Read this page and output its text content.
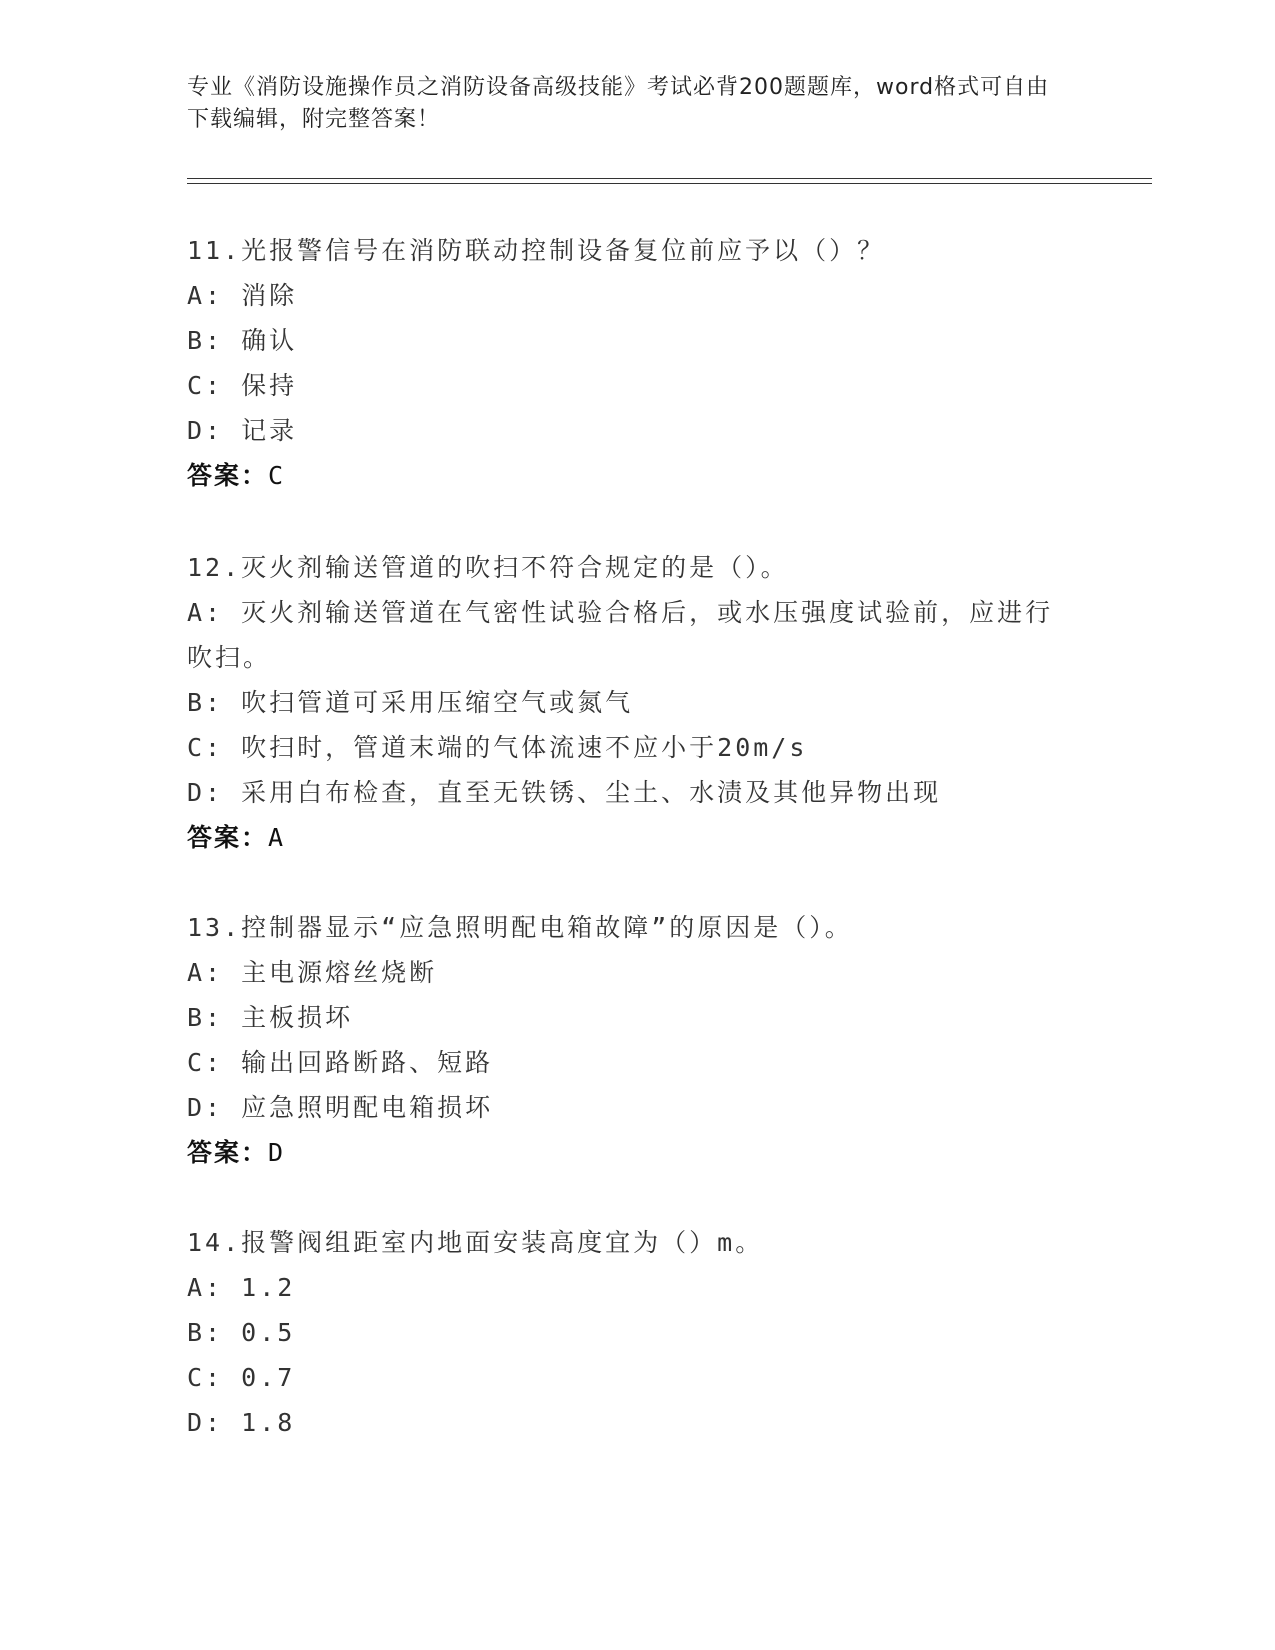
专业《消防设施操作员之消防设备高级技能》考试必背200题题库，word格式可自由下载编辑，附完整答案！
11.光报警信号在消防联动控制设备复位前应予以（）？
A: 消除
B: 确认
C: 保持
D: 记录
答案：C
12.灭火剂输送管道的吹扫不符合规定的是（）。
A: 灭火剂输送管道在气密性试验合格后，或水压强度试验前，应进行吹扫。
B: 吹扫管道可采用压缩空气或氮气
C: 吹扫时，管道末端的气体流速不应小于20m/s
D: 采用白布检查，直至无铁锈、尘土、水渍及其他异物出现
答案：A
13.控制器显示“应急照明配电箱故障”的原因是（）。
A: 主电源熔丝烧断
B: 主板损坏
C: 输出回路断路、短路
D: 应急照明配电箱损坏
答案：D
14.报警阀组距室内地面安装高度宜为（）m。
A: 1.2
B: 0.5
C: 0.7
D: 1.8
